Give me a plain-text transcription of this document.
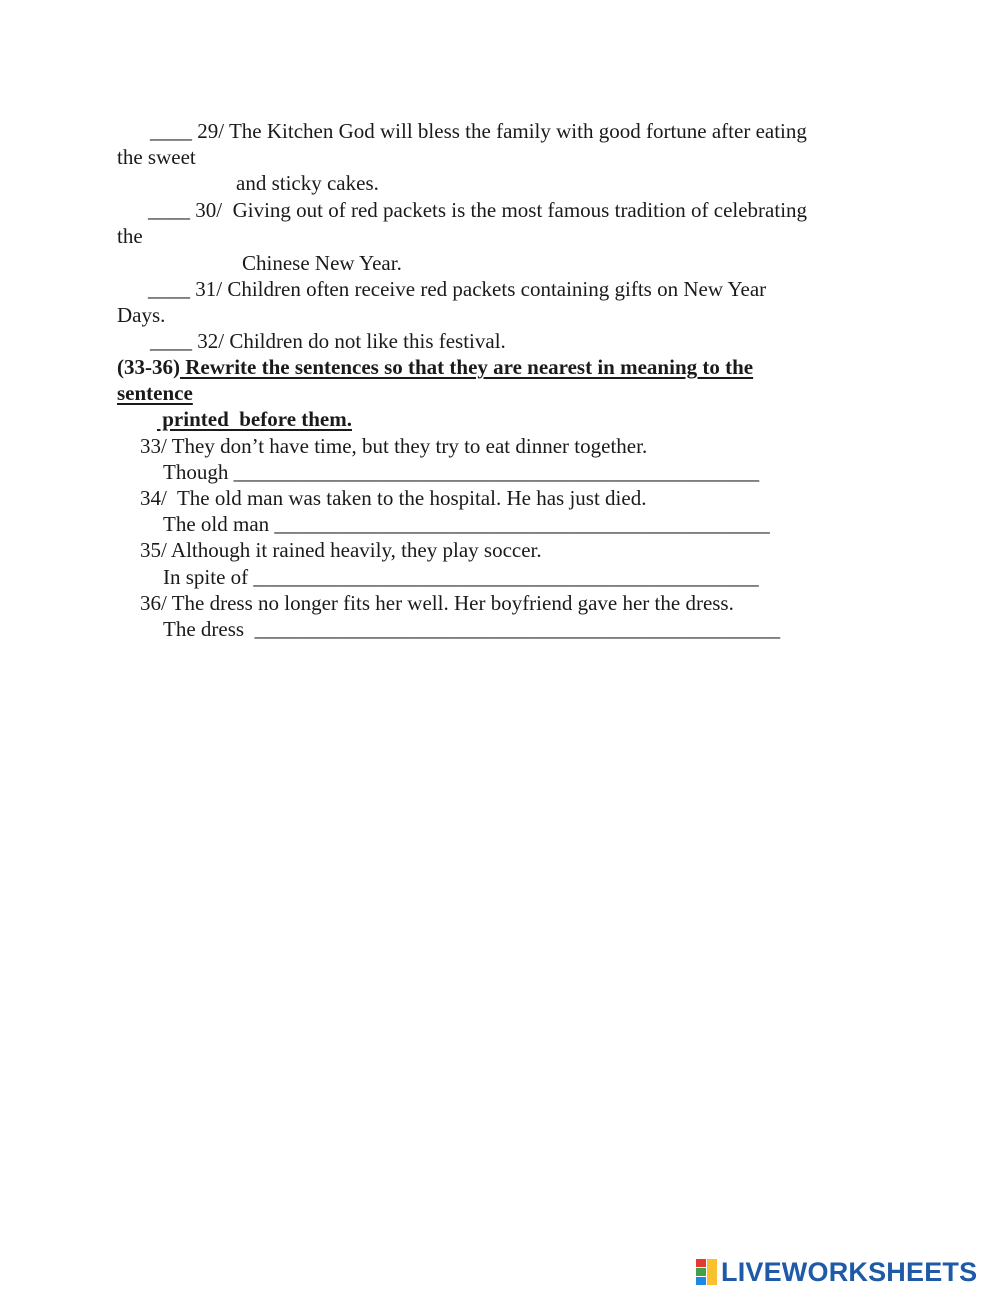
____ 29/ The Kitchen God will bless the family with good fortune after eating
the sweet
and sticky cakes.
____ 30/  Giving out of red packets is the most famous tradition of celebrating
the
Chinese New Year.
____ 31/ Children often receive red packets containing gifts on New Year
Days.
____ 32/ Children do not like this festival.
(33-36) Rewrite the sentences so that they are nearest in meaning to the
sentence
printed  before them.
33/ They don’t have time, but they try to eat dinner together.
Though ____________________________________________________
34/  The old man was taken to the hospital. He has just died.
The old man _________________________________________________
35/ Although it rained heavily, they play soccer.
In spite of __________________________________________________
36/ The dress no longer fits her well. Her boyfriend gave her the dress.
The dress  ____________________________________________________
LIVEWORKSHEETS
